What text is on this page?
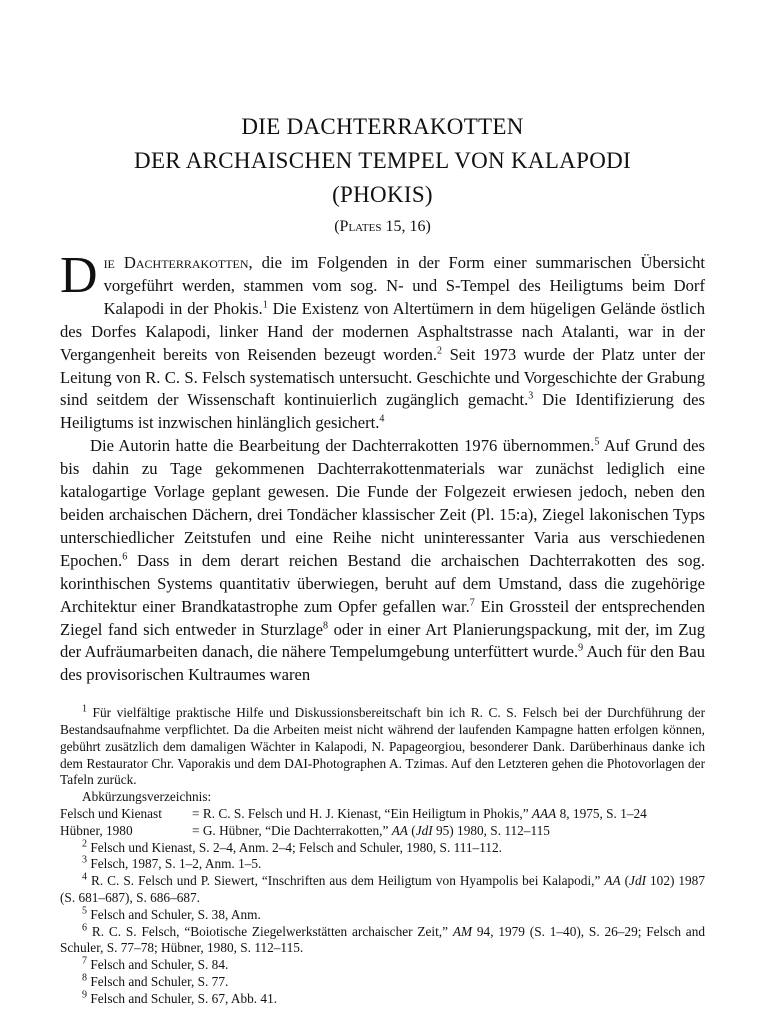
DIE DACHTERRAKOTTEN
DER ARCHAISCHEN TEMPEL VON KALAPODI
(PHOKIS)
(Plates 15, 16)

Die Dachterrakotten, die im Folgenden in der Form einer summarischen Übersicht vorgeführt werden, stammen vom sog. N- und S-Tempel des Heiligtums beim Dorf Kalapodi in der Phokis.$^1$ Die Existenz von Altertümern in dem hügeligen Gelände östlich des Dorfes Kalapodi, linker Hand der modernen Asphaltstrasse nach Atalanti, war in der Vergangenheit bereits von Reisenden bezeugt worden.$^2$ Seit 1973 wurde der Platz unter der Leitung von R. C. S. Felsch systematisch untersucht. Geschichte und Vorgeschichte der Grabung sind seitdem der Wissenschaft kontinuierlich zugänglich gemacht.$^3$ Die Identifizierung des Heiligtums ist inzwischen hinlänglich gesichert.$^4$

Die Autorin hatte die Bearbeitung der Dachterrakotten 1976 übernommen.$^5$ Auf Grund des bis dahin zu Tage gekommenen Dachterrakottenmaterials war zunächst lediglich eine katalogartige Vorlage geplant gewesen. Die Funde der Folgezeit erwiesen jedoch, neben den beiden archaischen Dächern, drei Tondächer klassischer Zeit (Pl. 15:a), Ziegel lakonischen Typs unterschiedlicher Zeitstufen und eine Reihe nicht uninteressanter Varia aus verschiedenen Epochen.$^6$ Dass in dem derart reichen Bestand die archaischen Dachterrakotten des sog. korinthischen Systems quantitativ überwiegen, beruht auf dem Umstand, dass die zugehörige Architektur einer Brandkatastrophe zum Opfer gefallen war.$^7$ Ein Grossteil der entsprechenden Ziegel fand sich entweder in Sturzlage$^8$ oder in einer Art Planierungspackung, mit der, im Zug der Aufräumarbeiten danach, die nähere Tempelumgebung unterfüttert wurde.$^9$ Auch für den Bau des provisorischen Kultraumes waren

$^1$ Für vielfältige praktische Hilfe und Diskussionsbereitschaft bin ich R. C. S. Felsch bei der Durchführung der Bestandsaufnahme verpflichtet. Da die Arbeiten meist nicht während der laufenden Kampagne hatten erfolgen können, gebührt zusätzlich dem damaligen Wächter in Kalapodi, N. Papageorgiou, besonderer Dank. Darüberhinaus danke ich dem Restaurator Chr. Vaporakis und dem DAI-Photographen A. Tzimas. Auf den Letzteren gehen die Photovorlagen der Tafeln zurück.

Abkürzungsverzeichnis:

Felsch und Kienast	= R. C. S. Felsch und H. J. Kienast, “Ein Heiligtum in Phokis,” AAA 8, 1975, S. 1–24
Hübner, 1980	= G. Hübner, “Die Dachterrakotten,” AA (JdI 95) 1980, S. 112–115

$^2$ Felsch und Kienast, S. 2–4, Anm. 2–4; Felsch and Schuler, 1980, S. 111–112.

$^3$ Felsch, 1987, S. 1–2, Anm. 1–5.

$^4$ R. C. S. Felsch und P. Siewert, “Inschriften aus dem Heiligtum von Hyampolis bei Kalapodi,” AA (JdI 102) 1987 (S. 681–687), S. 686–687.

$^5$ Felsch and Schuler, S. 38, Anm.

$^6$ R. C. S. Felsch, “Boiotische Ziegelwerkstätten archaischer Zeit,” AM 94, 1979 (S. 1–40), S. 26–29; Felsch and Schuler, S. 77–78; Hübner, 1980, S. 112–115.

$^7$ Felsch and Schuler, S. 84.

$^8$ Felsch and Schuler, S. 77.

$^9$ Felsch and Schuler, S. 67, Abb. 41.
